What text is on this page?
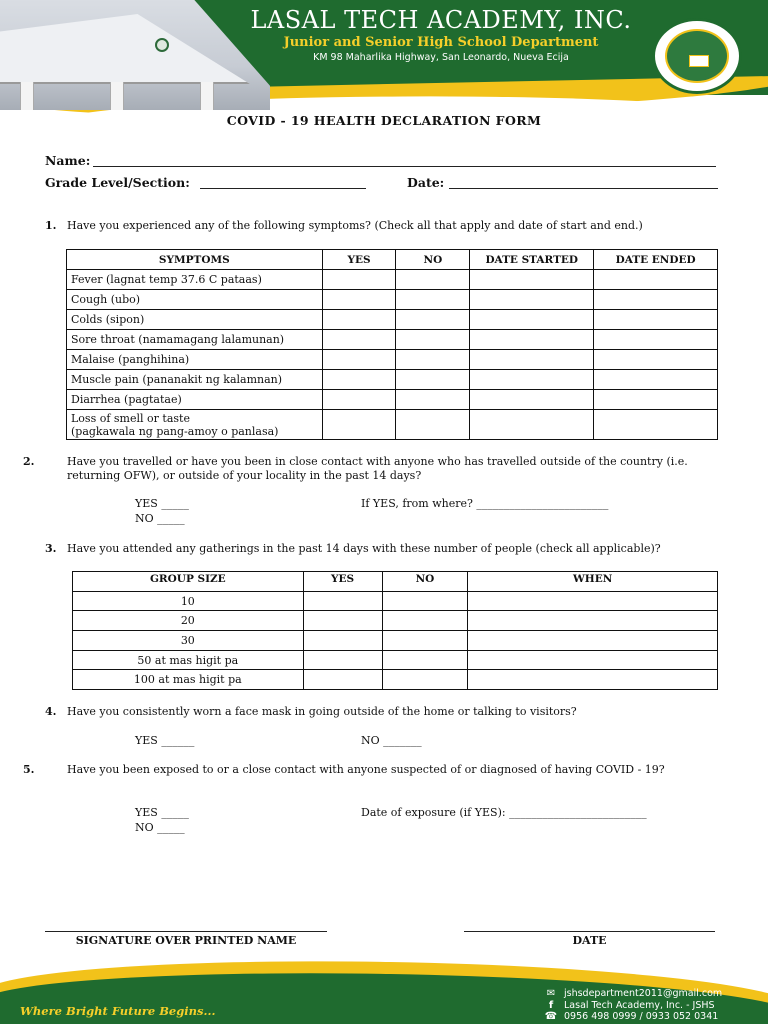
LASAL TECH ACADEMY, INC.
Junior and Senior High School Department
KM 98 Maharlika Highway, San Leonardo, Nueva Ecija
COVID - 19 HEALTH DECLARATION FORM
Name:
Grade Level/Section:	Date:
1. Have you experienced any of the following symptoms? (Check all that apply and date of start and end.)
SYMPTOMS	YES	NO	DATE STARTED	DATE ENDED
Fever (lagnat temp 37.6 C pataas)				
Cough (ubo)				
Colds (sipon)				
Sore throat (namamagang lalamunan)				
Malaise (panghihina)				
Muscle pain (pananakit ng kalamnan)				
Diarrhea (pagtatae)				
Loss of smell or taste
(pagkawala ng pang-amoy o panlasa)				
2.	Have you travelled or have you been in close contact with anyone who has travelled outside of the country (i.e. returning OFW), or outside of your locality in the past 14 days?
YES _____
NO _____
If YES, from where? ________________________
3. Have you attended any gatherings in the past 14 days with these number of people (check all applicable)?
GROUP SIZE	YES	NO	WHEN
10			
20			
30			
50 at mas higit pa			
100 at mas higit pa			
4. Have you consistently worn a face mask in going outside of the home or talking to visitors?
YES ______	NO _______
5.	Have you been exposed to or a close contact with anyone suspected of or diagnosed of having COVID - 19?
YES _____
NO _____
Date of exposure (if YES): _________________________
SIGNATURE OVER PRINTED NAME	DATE
Where Bright Future Begins...
✉ jshsdepartment2011@gmail.com
f Lasal Tech Academy, Inc. - JSHS
☎ 0956 498 0999 / 0933 052 0341
